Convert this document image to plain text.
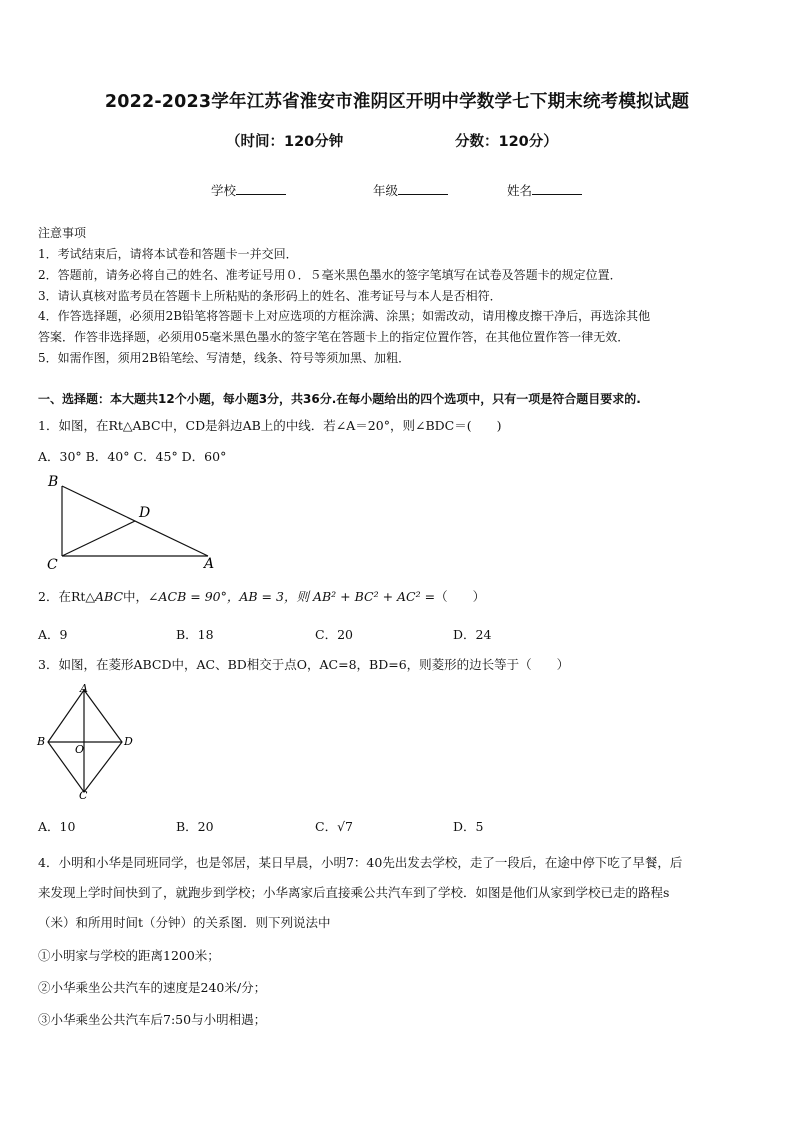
2022-2023学年江苏省淮安市淮阴区开明中学数学七下期末统考模拟试题
（时间：120分钟	分数：120分）
学校	年级	姓名
注意事项
1．考试结束后，请将本试卷和答题卡一并交回．
2．答题前，请务必将自己的姓名、准考证号用０．５毫米黑色墨水的签字笔填写在试卷及答题卡的规定位置．
3．请认真核对监考员在答题卡上所粘贴的条形码上的姓名、准考证号与本人是否相符．
4．作答选择题，必须用2B铅笔将答题卡上对应选项的方框涂满、涂黑；如需改动，请用橡皮擦干净后，再选涂其他
答案．作答非选择题，必须用05毫米黑色墨水的签字笔在答题卡上的指定位置作答，在其他位置作答一律无效．
5．如需作图，须用2B铅笔绘、写清楚，线条、符号等须加黑、加粗．
一、选择题：本大题共12个小题，每小题3分，共36分.在每小题给出的四个选项中，只有一项是符合题目要求的.
1．如图，在Rt△ABC中，CD是斜边AB上的中线．若∠A＝20°，则∠BDC＝(　　)
A．30° B．40° C．45° D．60°
B
D
C	A
2．在Rt△ABC中，∠ACB = 90°，AB = 3，则 AB² + BC² + AC² =（　　）
A．9	B．18	C．20	D．24
3．如图，在菱形ABCD中，AC、BD相交于点O，AC=8，BD=6，则菱形的边长等于（　　）
A
B
O
D
C
A．10	B．20	C．√7	D．5
4．小明和小华是同班同学，也是邻居，某日早晨，小明7：40先出发去学校，走了一段后，在途中停下吃了早餐，后
来发现上学时间快到了，就跑步到学校；小华离家后直接乘公共汽车到了学校．如图是他们从家到学校已走的路程s
（米）和所用时间t（分钟）的关系图．则下列说法中
①小明家与学校的距离1200米；
②小华乘坐公共汽车的速度是240米/分；
③小华乘坐公共汽车后7:50与小明相遇；
